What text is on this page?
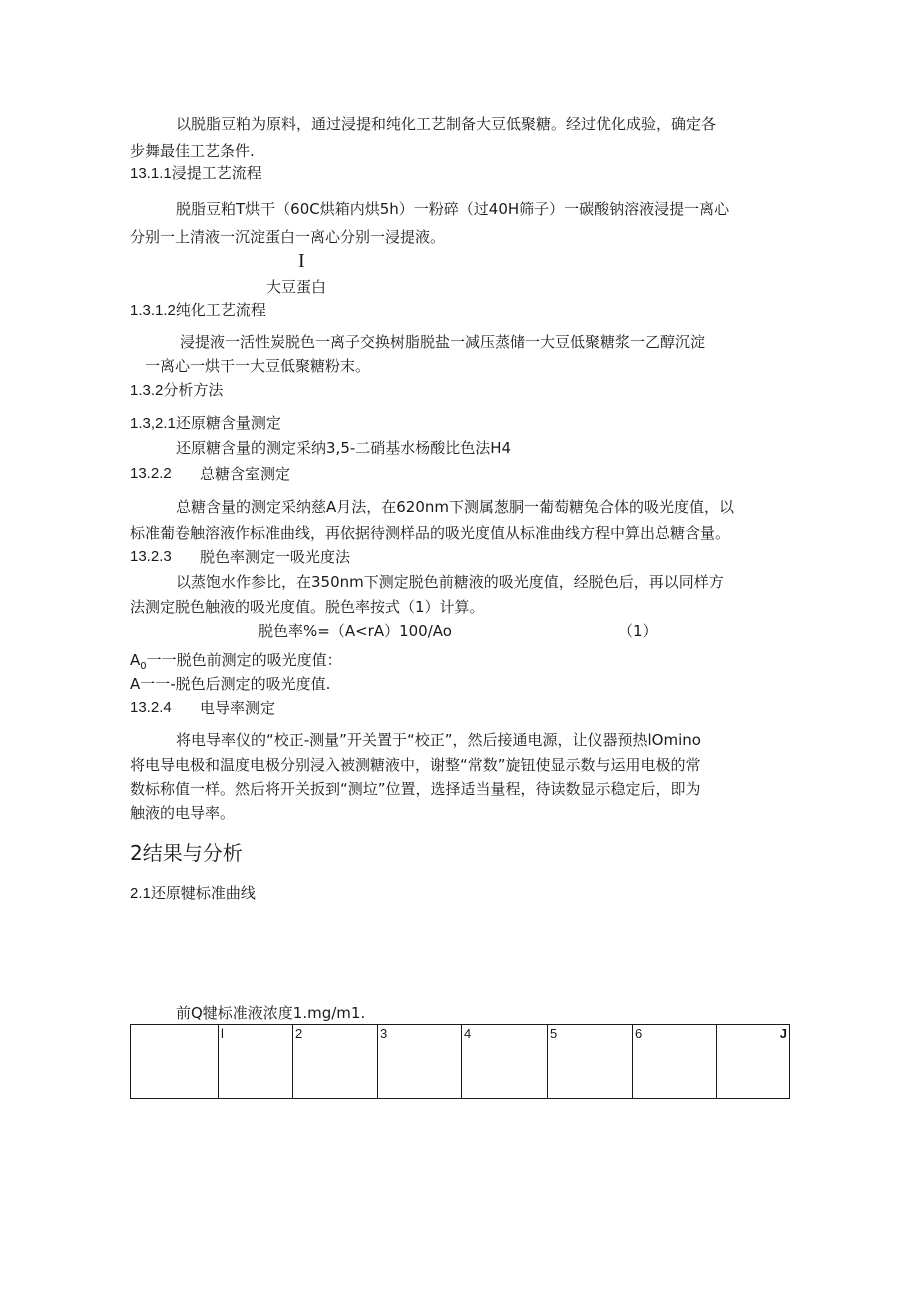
以脱脂豆粕为原料，通过浸提和纯化工艺制备大豆低聚糖。经过优化成验，确定各
步舞最佳工艺条件.
13.1.1浸提工艺流程
脱脂豆粕T烘干（60C烘箱内烘5h）一粉碎（过40H筛子）一碳酸钠溶液浸提一离心
分别一上清液一沉淀蛋白一离心分别一浸提液。
I
大豆蛋白
1.3.1.2纯化工艺流程
浸提液一活性炭脱色一离子交换树脂脱盐一减压蒸储一大豆低聚糖浆一乙醇沉淀
一离心一烘干一大豆低聚糖粉末。
1.3.2分析方法
1.3,2.1还原糖含量测定
还原糖含量的测定采纳3,5-二硝基水杨酸比色法H4
13.2.2 总糖含室测定
总糖含量的测定采纳慈A月法，在620nm下测属葱胴一葡萄糖兔合体的吸光度值，以
标准葡卷触溶液作标准曲线，再依据待测样品的吸光度值从标准曲线方程中算出总糖含量。
13.2.3 脱色率测定一吸光度法
以蒸饱水作参比，在350nm下测定脱色前糖液的吸光度值，经脱色后，再以同样方
法测定脱色触液的吸光度值。脱色率按式（1）计算。
脱色率%=（A<rA）100/Ao	（1）
$A_0$一一脱色前测定的吸光度值：
A一一-脱色后测定的吸光度值.
13.2.4 电导率测定
将电导率仪的“校正-测量”开关置于“校正”，然后接通电源，让仪器预热lOmino
将电导电极和温度电极分别浸入被测糖液中，谢整“常数”旋钮使显示数与运用电极的常
数标称值一样。然后将开关扳到“测垃”位置，选择适当量程，待读数显示稳定后，即为
触液的电导率。
2结果与分析
2.1还原犍标准曲线
前Q犍标准液浓度1.mg/m1.
	l	2	3	4	5	6	J
